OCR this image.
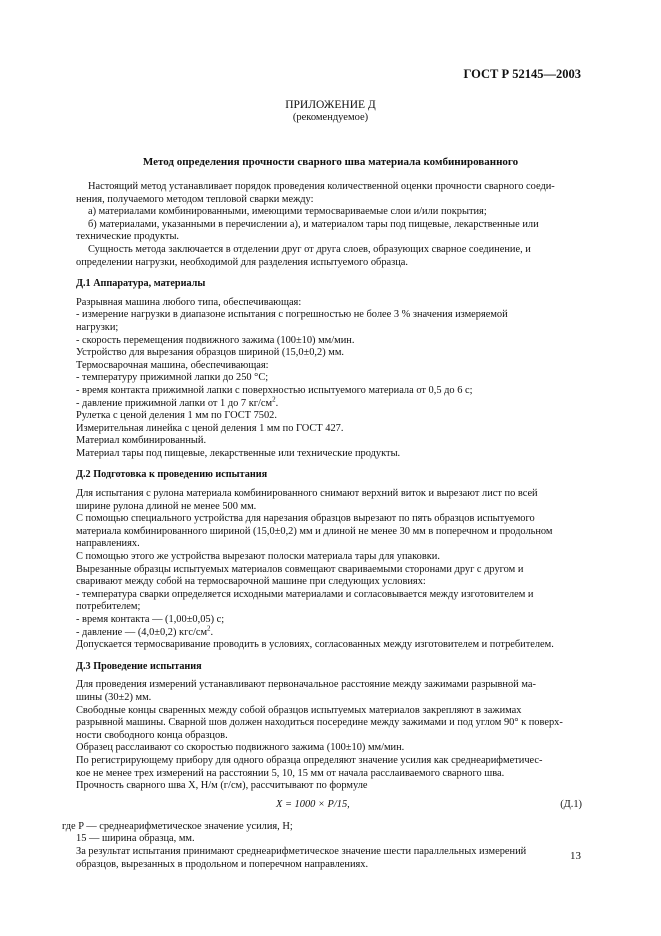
ГОСТ Р 52145—2003
ПРИЛОЖЕНИЕ Д
(рекомендуемое)
Метод определения прочности сварного шва материала комбинированного

Настоящий метод устанавливает порядок проведения количественной оценки прочности сварного соеди-

нения, получаемого методом тепловой сварки между:

а) материалами комбинированными, имеющими термосвариваемые слои и/или покрытия;

б) материалами, указанными в перечислении а), и материалом тары под пищевые, лекарственные или

технические продукты.

Сущность метода заключается в отделении друг от друга слоев, образующих сварное соединение, и

определении нагрузки, необходимой для разделения испытуемого образца.

Д.1 Аппаратура, материалы

Разрывная машина любого типа, обеспечивающая:

- измерение нагрузки в диапазоне испытания с погрешностью не более 3 % значения измеряемой

нагрузки;

- скорость перемещения подвижного зажима (100±10) мм/мин.

Устройство для вырезания образцов шириной (15,0±0,2) мм.

Термосварочная машина, обеспечивающая:

- температуру прижимной лапки до 250 °С;

- время контакта прижимной лапки с поверхностью испытуемого материала от 0,5 до 6 с;

- давление прижимной лапки от 1 до 7 $кг/см^2$.

Рулетка с ценой деления 1 мм по ГОСТ 7502.

Измерительная линейка с ценой деления 1 мм по ГОСТ 427.

Материал комбинированный.

Материал тары под пищевые, лекарственные или технические продукты.

Д.2 Подготовка к проведению испытания

Для испытания с рулона материала комбинированного снимают верхний виток и вырезают лист по всей

ширине рулона длиной не менее 500 мм.

С помощью специального устройства для нарезания образцов вырезают по пять образцов испытуемого

материала комбинированного шириной (15,0±0,2) мм и длиной не менее 30 мм в поперечном и продольном

направлениях.

С помощью этого же устройства вырезают полоски материала тары для упаковки.

Вырезанные образцы испытуемых материалов совмещают свариваемыми сторонами друг с другом и

сваривают между собой на термосварочной машине при следующих условиях:

- температура сварки определяется исходными материалами и согласовывается между изготовителем и

потребителем;

- время контакта — (1,00±0,05) с;

- давление — (4,0±0,2) кгс/$см^2$.

Допускается термосваривание проводить в условиях, согласованных между изготовителем и потребителем.

Д.3 Проведение испытания

Для проведения измерений устанавливают первоначальное расстояние между зажимами разрывной ма-

шины (30±2) мм.

Свободные концы сваренных между собой образцов испытуемых материалов закрепляют в зажимах

разрывной машины. Сварной шов должен находиться посередине между зажимами и под углом 90° к поверх-

ности свободного конца образцов.

Образец расслаивают со скоростью подвижного зажима (100±10) мм/мин.

По регистрирующему прибору для одного образца определяют значение усилия как среднеарифметичес-

кое не менее трех измерений на расстоянии 5, 10, 15 мм от начала расслаиваемого сварного шва.

Прочность сварного шва X, Н/м (г/см), рассчитывают по формуле

X = 1000 × P/15,	(Д.1)

где P — среднеарифметическое значение усилия, Н;

15 — ширина образца, мм.

За результат испытания принимают среднеарифметическое значение шести параллельных измерений

образцов, вырезанных в продольном и поперечном направлениях.

13
